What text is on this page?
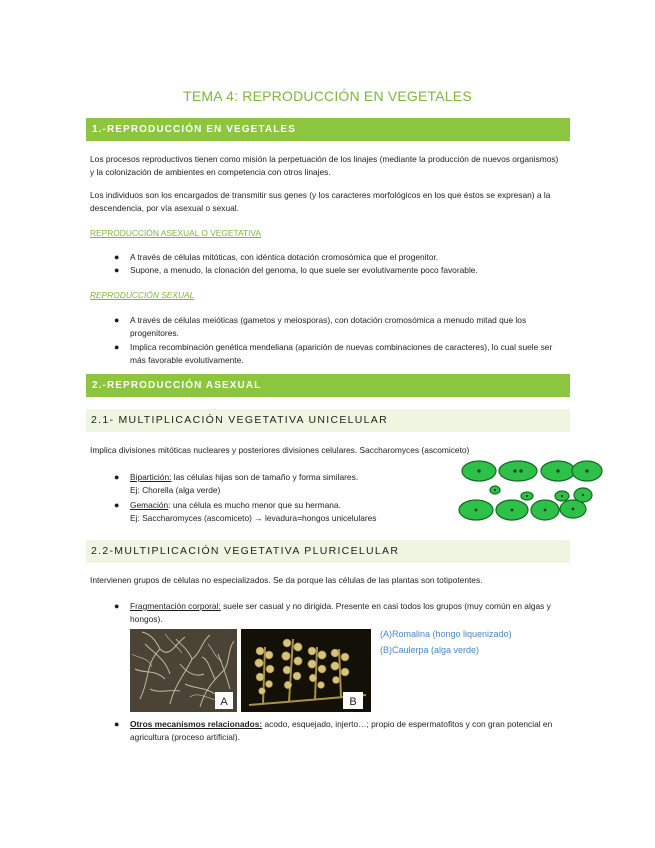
TEMA 4: REPRODUCCIÓN EN VEGETALES
1.-REPRODUCCIÓN EN VEGETALES
Los procesos reproductivos tienen como misión la perpetuación de los linajes (mediante la producción de nuevos organismos) y la colonización de ambientes en competencia con otros linajes.
Los individuos son los encargados de transmitir sus genes (y los caracteres morfológicos en los que éstos se expresan) a la descendencia, por vía asexual o sexual.
REPRODUCCIÓN ASEXUAL O VEGETATIVA
● A través de células mitóticas, con idéntica dotación cromosómica que el progenitor.
● Supone, a menudo, la clonación del genoma, lo que suele ser evolutivamente poco favorable.
REPRODUCCIÓN SEXUAL
● A través de células meióticas (gametos y meiosporas), con dotación cromosómica a menudo mitad que los progenitores.
● Implica recombinación genética mendeliana (aparición de nuevas combinaciones de caracteres), lo cual suele ser más favorable evolutivamente.
2.-REPRODUCCIÓN ASEXUAL
2.1- MULTIPLICACIÓN VEGETATIVA UNICELULAR
Implica divisiones mitóticas nucleares y posteriores divisiones celulares. Saccharomyces (ascomiceto)
● Bipartición: las células hijas son de tamaño y forma similares.
Ej: Chorella (alga verde)
● Gemación: una célula es mucho menor que su hermana.
Ej: Saccharomyces (ascomiceto) → levadura=hongos unicelulares
2.2-MULTIPLICACIÓN VEGETATIVA PLURICELULAR
Intervienen grupos de células no especializados. Se da porque las células de las plantas son totipotentes.
● Fragmentación corporal: suele ser casual y no dirigida. Presente en casi todos los grupos (muy común en algas y hongos).
A	B
(A)Romalina (hongo liquenizado)
(B)Caulerpa (alga verde)
● Otros mecanismos relacionados: acodo, esquejado, injerto…; propio de espermatofitos y con gran potencial en agricultura (proceso artificial).
